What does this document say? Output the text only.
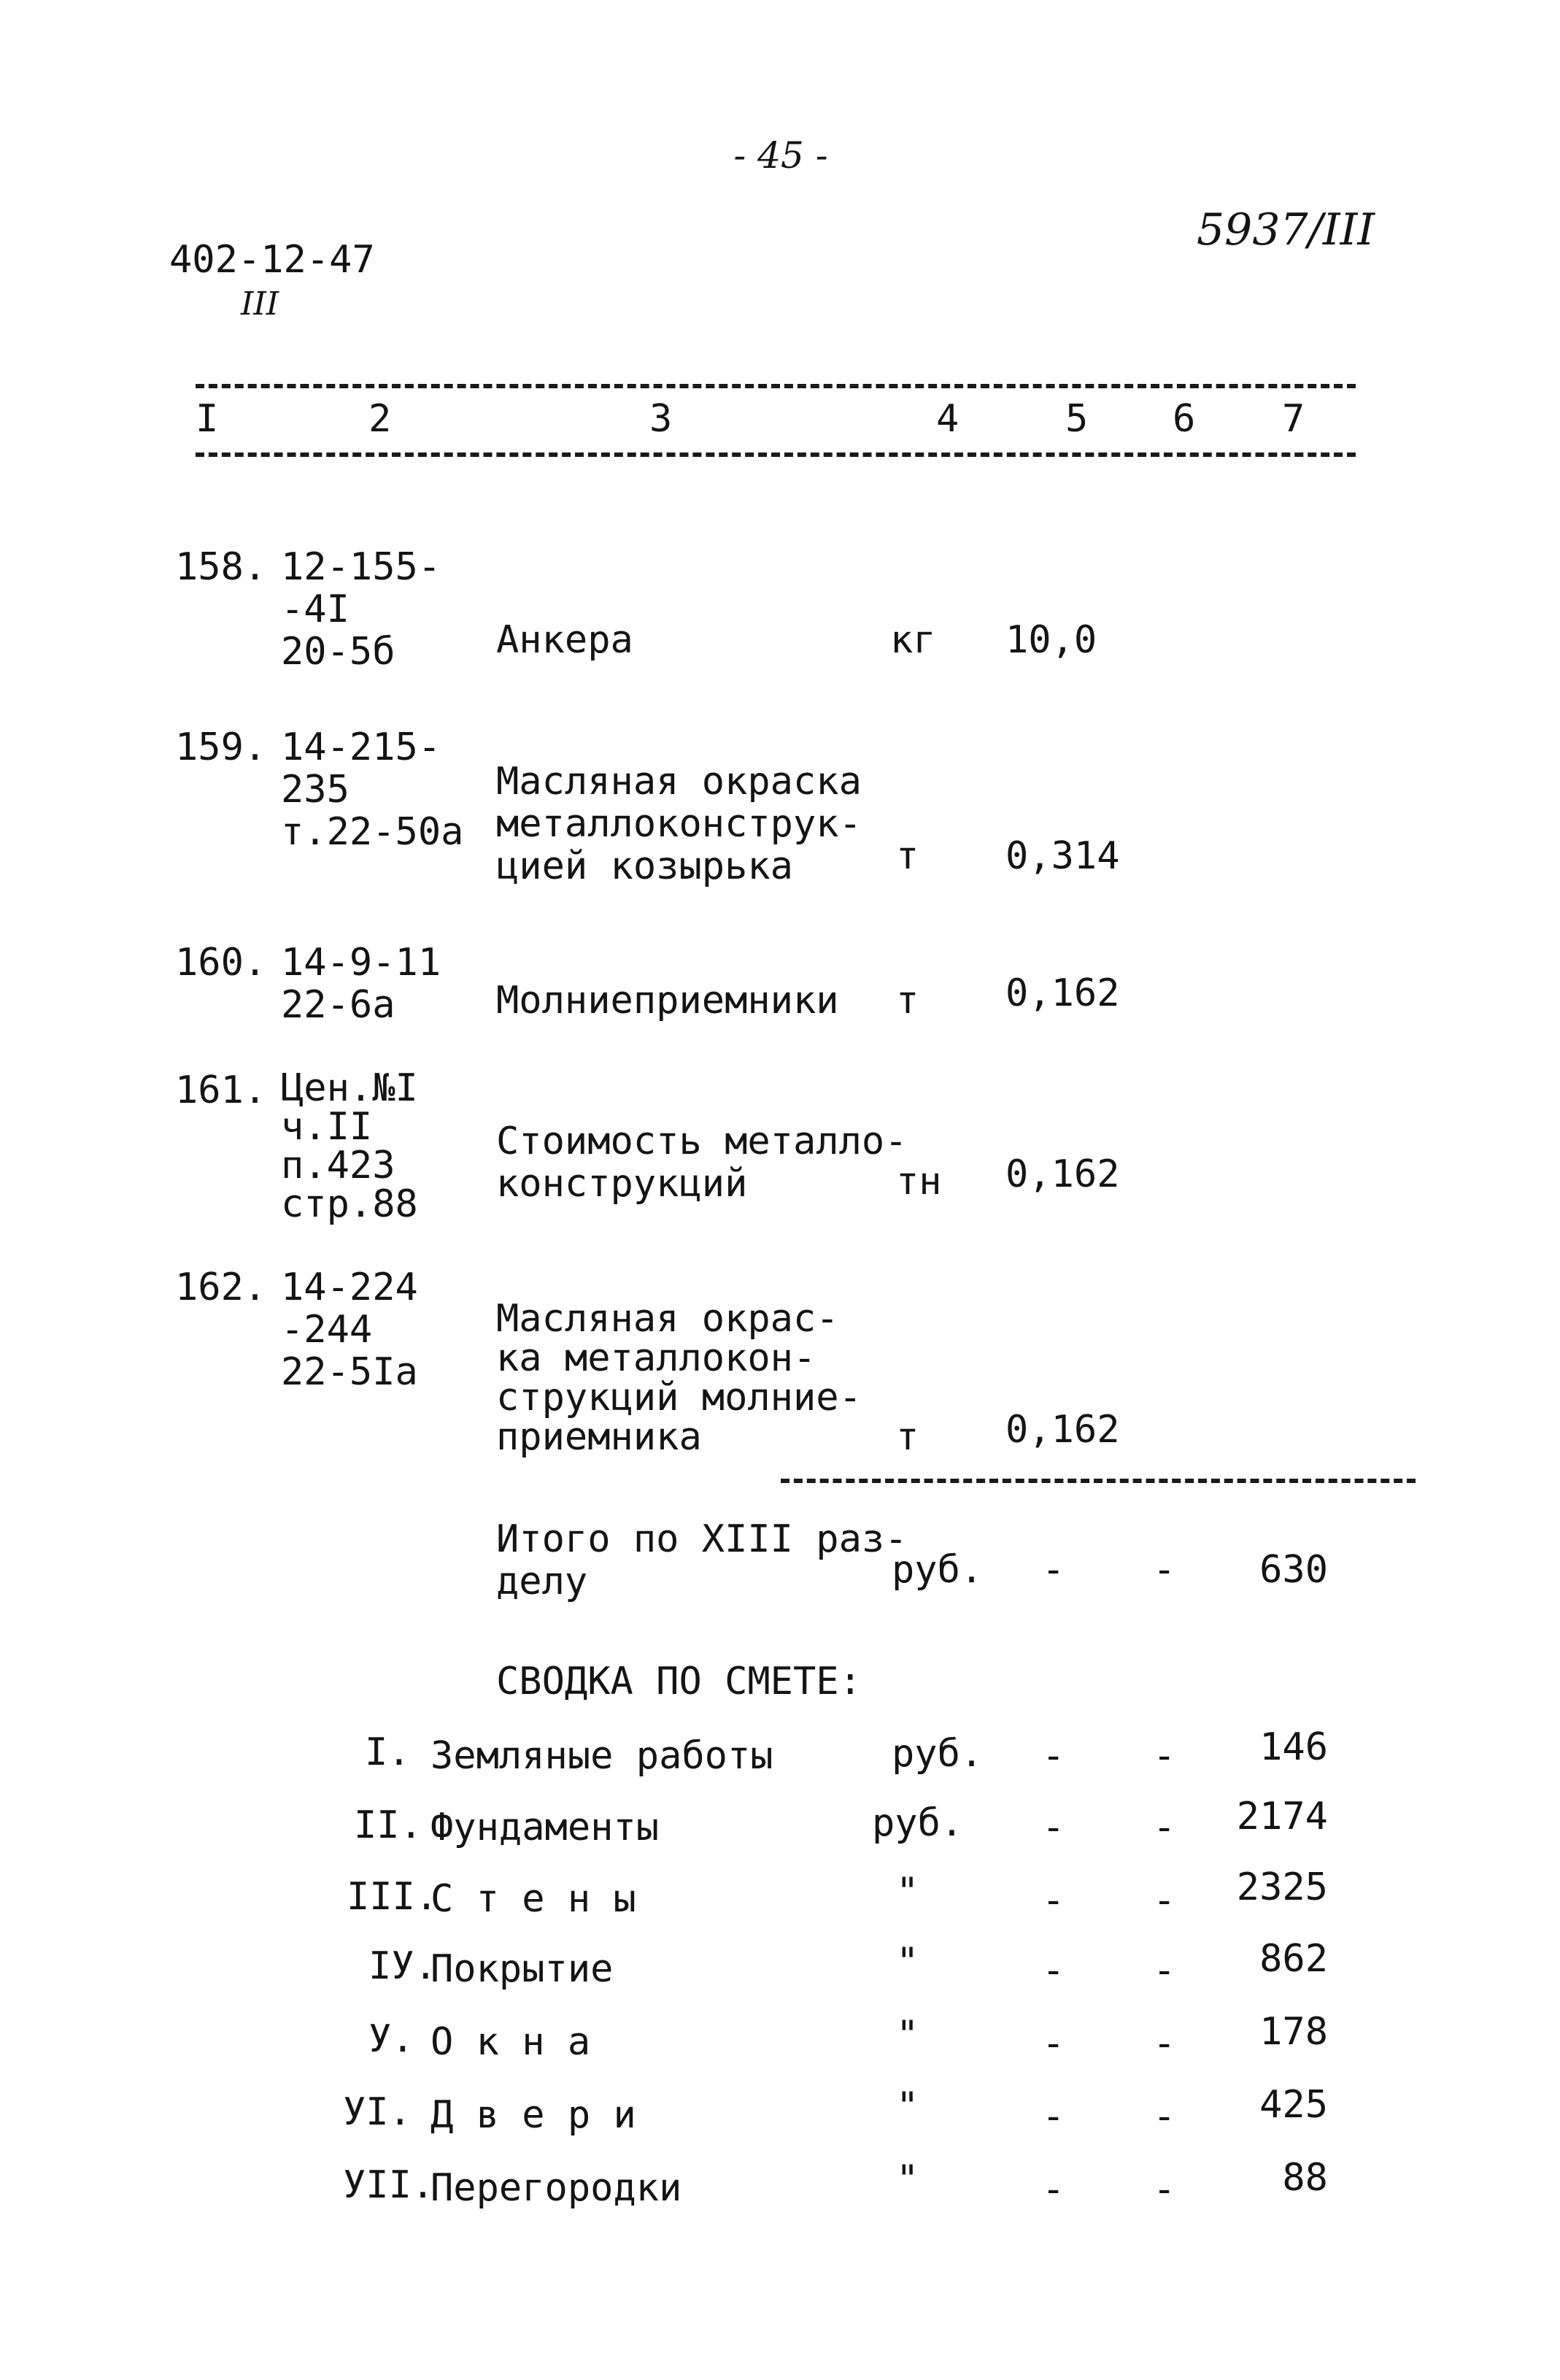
- 45 -
402-12-47
III
5937/III
I	2	3	4	5 6 7
158. 12-155-
-4I
20-5б	Анкера	кг 10,0
159. 14-215-
235
т.22-50а
Масляная окраска
металлоконструк-
цией козырька	т 0,314
160. 14-9-11
22-6а	Молниеприемники т 0,162
161. Цен.№I
ч.II
п.423
стр.88
Стоимость металло-
конструкций	тн 0,162
162. 14-224
-244
22-5Iа
Масляная окрас-
ка металлокон-
струкций молние-
приемника	т 0,162
Итого по XIII раз-
делу	руб. - -	630
СВОДКА ПО СМЕТЕ:
I. Земляные работы	руб. - -	146
II. Фундаменты	руб. - -	2174
III.
С т е н ы	"	- -	2325
IУ.
Покрытие	"	- -	862
У. О к н а	"	- -	178
УI. Д в е р и	"	- -	425
УII.
Перегородки	"	- -	88
